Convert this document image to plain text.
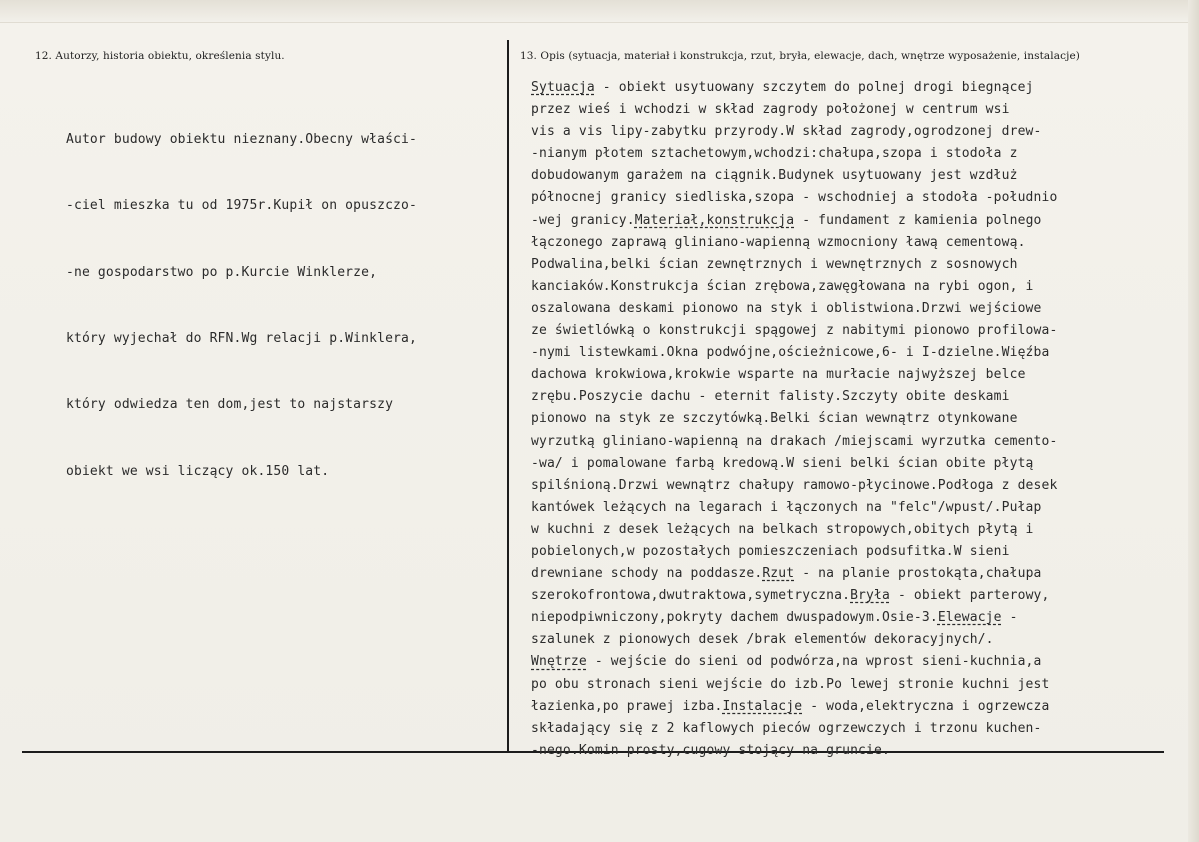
12. Autorzy, historia obiektu, określenia stylu.	13. Opis (sytuacja, materiał i konstrukcja, rzut, bryła, elewacje, dach, wnętrze wyposażenie, instalacje)

Autor budowy obiektu nieznany.Obecny właści-

-ciel mieszka tu od 1975r.Kupił on opuszczo-

-ne gospodarstwo po p.Kurcie Winklerze,

który wyjechał do RFN.Wg relacji p.Winklera,

który odwiedza ten dom,jest to najstarszy

obiekt we wsi liczący ok.150 lat.

Sytuacja - obiekt usytuowany szczytem do polnej drogi biegnącej
przez wieś i wchodzi w skład zagrody położonej w centrum wsi
vis a vis lipy-zabytku przyrody.W skład zagrody,ogrodzonej drew-
-nianym płotem sztachetowym,wchodzi:chałupa,szopa i stodoła z
dobudowanym garażem na ciągnik.Budynek usytuowany jest wzdłuż
północnej granicy siedliska,szopa - wschodniej a stodoła -południo
-wej granicy.Materiał,konstrukcja - fundament z kamienia polnego
łączonego zaprawą gliniano-wapienną wzmocniony ławą cementową.
Podwalina,belki ścian zewnętrznych i wewnętrznych z sosnowych
kanciaków.Konstrukcja ścian zrębowa,zawęgłowana na rybi ogon, i
oszalowana deskami pionowo na styk i oblistwiona.Drzwi wejściowe
ze świetlówką o konstrukcji spągowej z nabitymi pionowo profilowa-
-nymi listewkami.Okna podwójne,ościeżnicowe,6- i I-dzielne.Więźba
dachowa krokwiowa,krokwie wsparte na murłacie najwyższej belce
zrębu.Poszycie dachu - eternit falisty.Szczyty obite deskami
pionowo na styk ze szczytówką.Belki ścian wewnątrz otynkowane
wyrzutką gliniano-wapienną na drakach /miejscami wyrzutka cemento-
-wa/ i pomalowane farbą kredową.W sieni belki ścian obite płytą
spilśnioną.Drzwi wewnątrz chałupy ramowo-płycinowe.Podłoga z desek
kantówek leżących na legarach i łączonych na "felc"/wpust/.Pułap
w kuchni z desek leżących na belkach stropowych,obitych płytą i
pobielonych,w pozostałych pomieszczeniach podsufitka.W sieni
drewniane schody na poddasze.Rzut - na planie prostokąta,chałupa
szerokofrontowa,dwutraktowa,symetryczna.Bryła - obiekt parterowy,
niepodpiwniczony,pokryty dachem dwuspadowym.Osie-3.Elewacje -
szalunek z pionowych desek /brak elementów dekoracyjnych/.
Wnętrze - wejście do sieni od podwórza,na wprost sieni-kuchnia,a
po obu stronach sieni wejście do izb.Po lewej stronie kuchni jest
łazienka,po prawej izba.Instalacje - woda,elektryczna i ogrzewcza
składający się z 2 kaflowych pieców ogrzewczych i trzonu kuchen-
-nego.Komin prosty,cugowy stojący na gruncie.
